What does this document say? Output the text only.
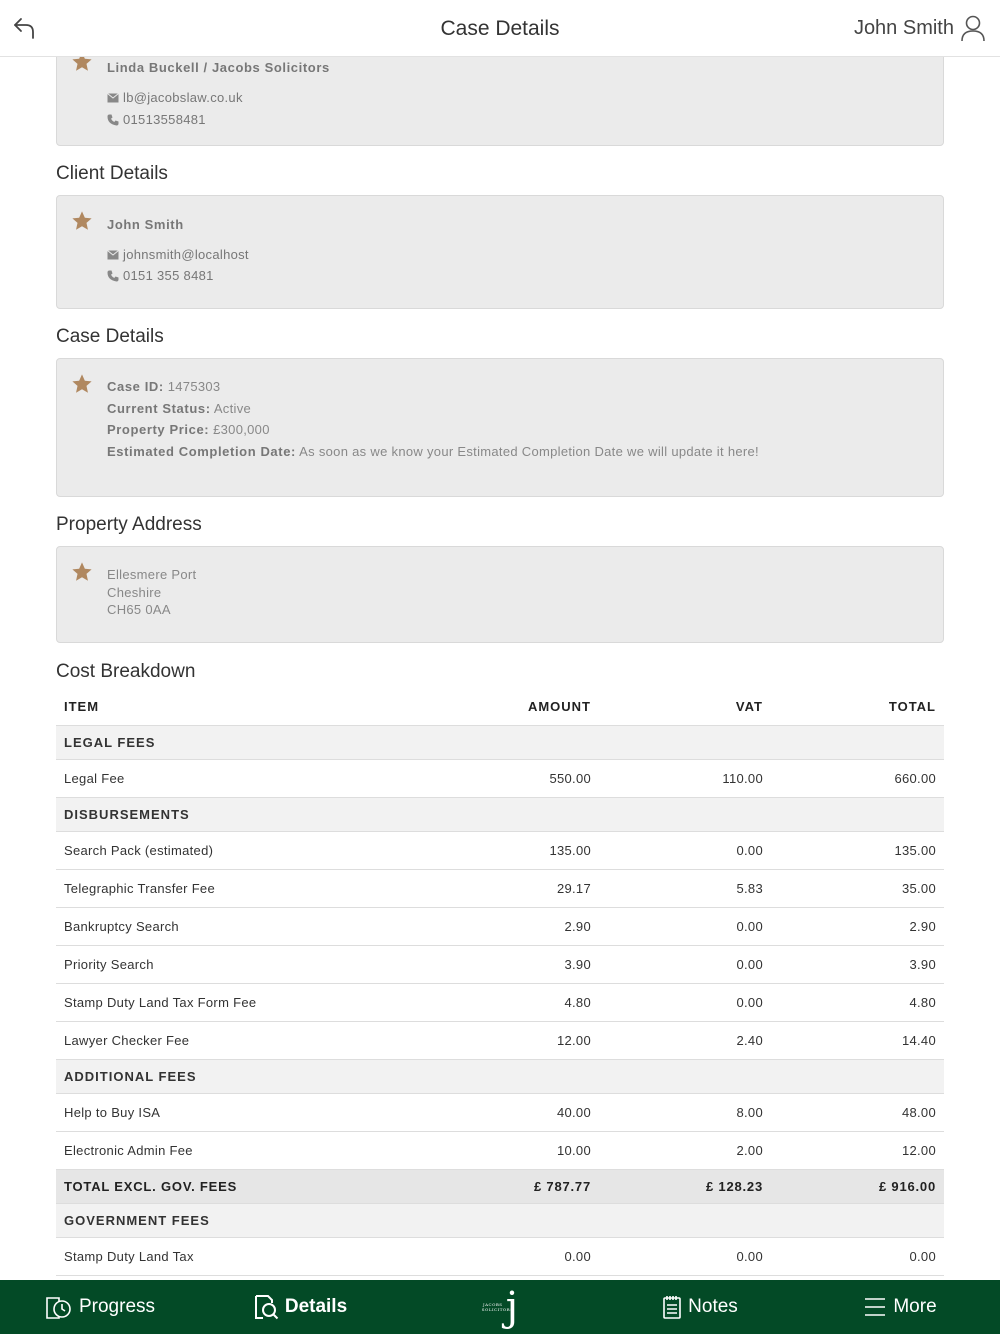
Case Details	John Smith
Linda Buckell / Jacobs Solicitors
lb@jacobslaw.co.uk
01513558481
Client Details
John Smith
johnsmith@localhost
0151 355 8481
Case Details
Case ID: 1475303
Current Status: Active
Property Price: £300,000
Estimated Completion Date: As soon as we know your Estimated Completion Date we will update it here!
Property Address
Ellesmere Port
Cheshire
CH65 0AA
Cost Breakdown
ITEM	AMOUNT	VAT	TOTAL
LEGAL FEES			
Legal Fee	550.00	110.00	660.00
DISBURSEMENTS			
Search Pack (estimated)	135.00	0.00	135.00
Telegraphic Transfer Fee	29.17	5.83	35.00
Bankruptcy Search	2.90	0.00	2.90
Priority Search	3.90	0.00	3.90
Stamp Duty Land Tax Form Fee	4.80	0.00	4.80
Lawyer Checker Fee	12.00	2.40	14.40
ADDITIONAL FEES			
Help to Buy ISA	40.00	8.00	48.00
Electronic Admin Fee	10.00	2.00	12.00
TOTAL EXCL. GOV. FEES	£ 787.77	£ 128.23	£ 916.00
GOVERNMENT FEES			
Stamp Duty Land Tax	0.00	0.00	0.00
Progress	Details	JACOBS SOLICITORS
j	Notes	More
